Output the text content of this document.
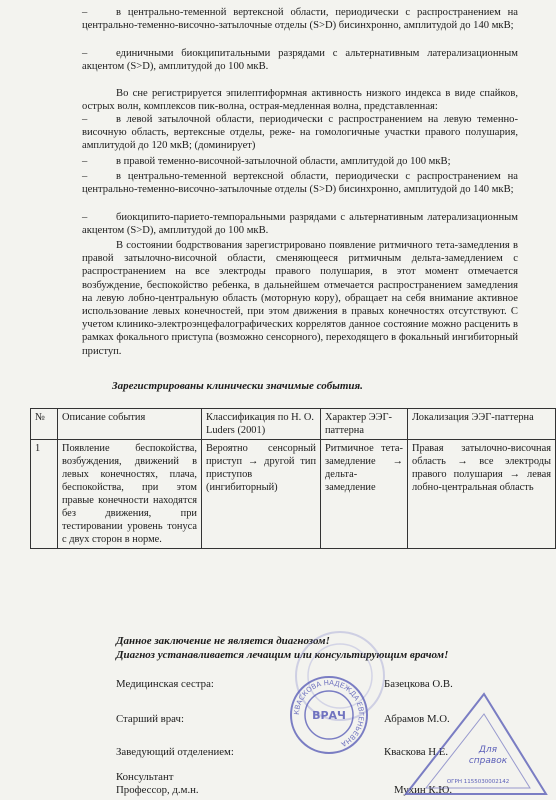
–	в центрально-теменной вертексной области, периодически с распространением на центрально-теменно-височно-затылочные отделы (S>D) бисинхронно, амплитудой до 140 мкВ;
–	единичными биокципитальными разрядами с альтернативным латерализационным акцентом (S>D), амплитудой до 100 мкВ.
Во сне регистрируется эпилептиформная активность низкого индекса в виде спайков, острых волн, комплексов пик-волна, острая-медленная волна, представленная:
–	в левой затылочной области, периодически с распространением на левую теменно-височную область, вертексные отделы, реже- на гомологичные участки правого полушария, амплитудой до 120 мкВ; (доминирует)
–	в правой теменно-височной-затылочной области, амплитудой до 100 мкВ;
–	в центрально-теменной вертексной области, периодически с распространением на центрально-теменно-височно-затылочные отделы (S>D) бисинхронно, амплитудой до 140 мкВ;
–	биокципито-париетo-темпоральными разрядами с альтернативным латерализационным акцентом (S>D), амплитудой до 100 мкВ.
В состоянии бодрствования зарегистрировано появление ритмичного тета-замедления в правой затылочно-височной области, сменяющееся ритмичным дельта-замедлением с распространением на все электроды правого полушария, в этот момент отмечается возбуждение, беспокойство ребенка, в дальнейшем отмечается распространением замедления на левую лобно-центральную область (моторную кору), обращает на себя внимание активное использование левых конечностей, при этом движения в правых конечностях отсутствуют. С учетом клинико-электроэнцефалографических коррелятов данное состояние можно расценить в рамках фокального приступа (возможно сенсорного), переходящего в фокальный ингибиторный приступ.
Зарегистрированы клинически значимые события.
№	Описание события	Классификация по H. O. Luders (2001)	Характер ЭЭГ-паттерна	Локализация ЭЭГ-паттерна
1	Появление беспокойства, возбуждения, движений в левых конечностях, плача, беспокойства, при этом правые конечности находятся без движения, при тестировании уровень тонуса с двух сторон в норме.	Вероятно сенсорный приступ → другой тип приступов (ингибиторный)	Ритмичное тета-замедление → дельта-замедление	Правая затылочно-височная область → все электроды правого полушария → левая лобно-центральная область
Данное заключение не является диагнозом!
Диагноз устанавливается лечащим или консультирующим врачом!
Медицинская сестра:	Базецкова О.В.
Старший врач:	Абрамов М.О.
Заведующий отделением:	Кваскова Н.Е.
Консультант
Профессор, д.м.н.	Мухин К.Ю.
КВАСКОВА НАДЕЖДА ЕВГЕНЬЕВНА
ВРАЧ
Для
справок
ОГРН 1155030002142
